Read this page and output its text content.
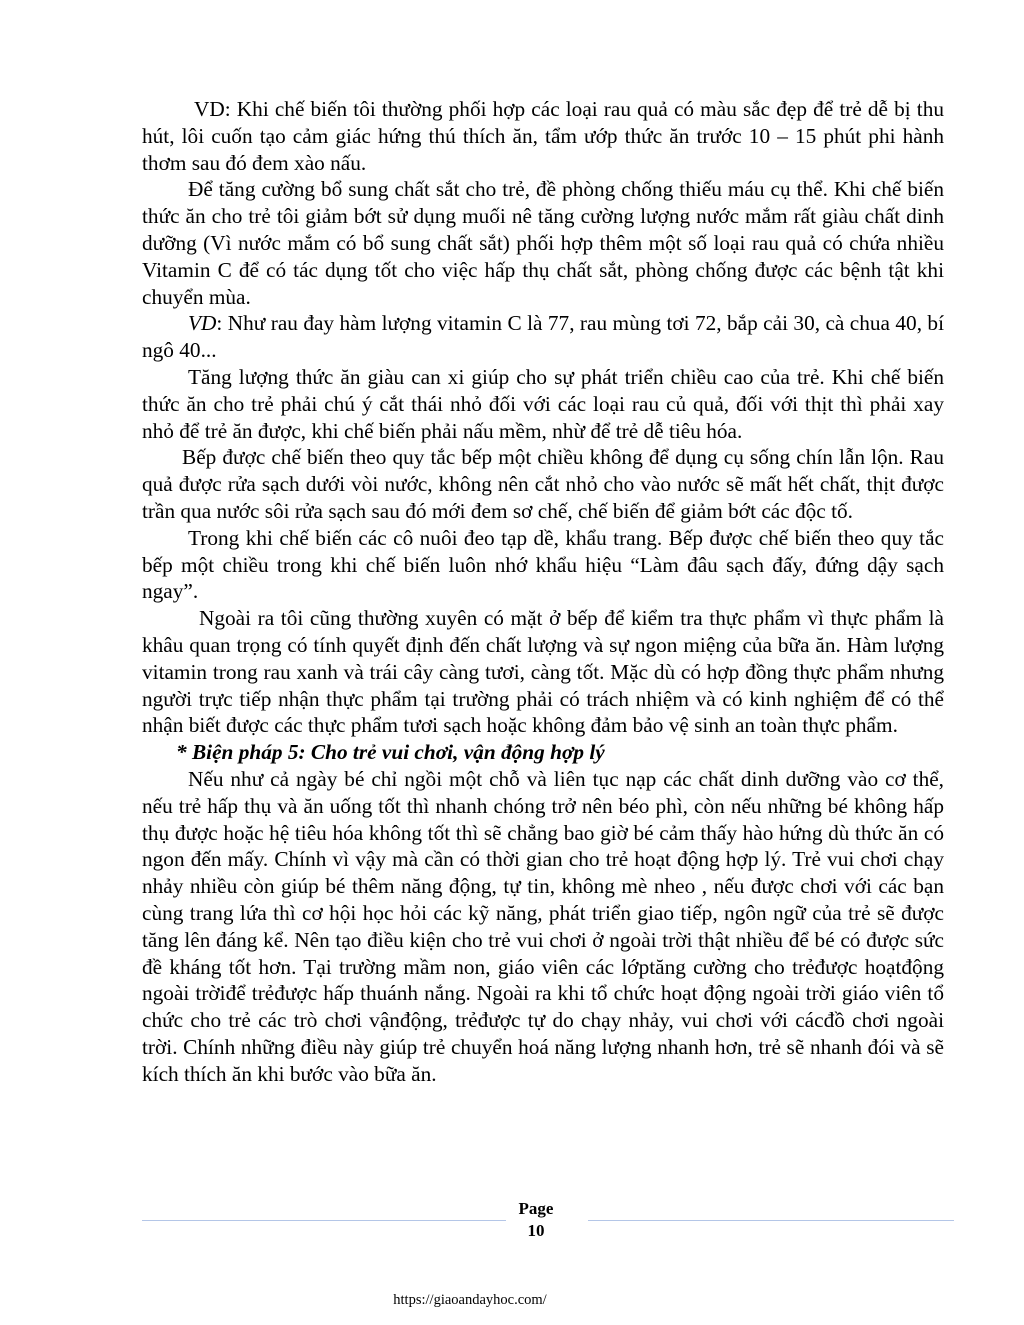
VD: Khi chế biến tôi thường phối hợp các loại rau quả có màu sắc đẹp để trẻ dễ bị thu hút, lôi cuốn tạo cảm giác hứng thú thích ăn, tẩm ướp thức ăn trước 10 – 15 phút phi hành thơm sau đó đem xào nấu.

Để tăng cường bổ sung chất sắt cho trẻ, đề phòng chống thiếu máu cụ thể. Khi chế biến thức ăn cho trẻ tôi giảm bớt sử dụng muối nê tăng cường lượng nước mắm rất giàu chất dinh dưỡng (Vì nước mắm có bổ sung chất sắt) phối hợp thêm một số loại rau quả có chứa nhiều Vitamin C để có tác dụng tốt cho việc hấp thụ chất sắt, phòng chống được các bệnh tật khi chuyển mùa.

VD: Như rau đay hàm lượng vitamin C là 77, rau mùng tơi 72, bắp cải 30, cà chua 40, bí ngô 40...

Tăng lượng thức ăn giàu can xi giúp cho sự phát triển chiều cao của trẻ. Khi chế biến thức ăn cho trẻ phải chú ý cắt thái nhỏ đối với các loại rau củ quả, đối với thịt thì phải xay nhỏ để trẻ ăn được, khi chế biến phải nấu mềm, nhừ để trẻ dễ tiêu hóa.

Bếp được chế biến theo quy tắc bếp một chiều không để dụng cụ sống chín lẫn lộn. Rau quả được rửa sạch dưới vòi nước, không nên cắt nhỏ cho vào nước sẽ mất hết chất, thịt được trần qua nước sôi rửa sạch sau đó mới đem sơ chế, chế biến để giảm bớt các độc tố.

Trong khi chế biến các cô nuôi đeo tạp dề, khẩu trang. Bếp được chế biến theo quy tắc bếp một chiều trong khi chế biến luôn nhớ khẩu hiệu “Làm đâu sạch đấy, đứng dậy sạch ngay”.

Ngoài ra tôi cũng thường xuyên có mặt ở bếp để kiểm tra thực phẩm vì thực phẩm là khâu quan trọng có tính quyết định đến chất lượng và sự ngon miệng của bữa ăn. Hàm lượng vitamin trong rau xanh và trái cây càng tươi, càng tốt. Mặc dù có hợp đồng thực phẩm nhưng người trực tiếp nhận thực phẩm tại trường phải có trách nhiệm và có kinh nghiệm để có thể nhận biết được các thực phẩm tươi sạch hoặc không đảm bảo vệ sinh an toàn thực phẩm.

* Biện pháp 5: Cho trẻ vui chơi, vận động hợp lý

Nếu như cả ngày bé chỉ ngồi một chỗ và liên tục nạp các chất dinh dưỡng vào cơ thể, nếu trẻ hấp thụ và ăn uống tốt thì nhanh chóng trở nên béo phì, còn nếu những bé không hấp thụ được hoặc hệ tiêu hóa không tốt thì sẽ chẳng bao giờ bé cảm thấy hào hứng dù thức ăn có ngon đến mấy. Chính vì vậy mà cần có thời gian cho trẻ hoạt động hợp lý. Trẻ vui chơi chạy nhảy nhiều còn giúp bé thêm năng động, tự tin, không mè nheo , nếu được chơi với các bạn cùng trang lứa thì cơ hội học hỏi các kỹ năng, phát triển giao tiếp, ngôn ngữ của trẻ sẽ được tăng lên đáng kể. Nên tạo điều kiện cho trẻ vui chơi ở ngoài trời thật nhiều để bé có được sức đề kháng tốt hơn. Tại trường mầm non, giáo viên các lớptăng cường cho trẻđược hoạtđộng ngoài trờiđể trẻđược hấp thuánh nắng. Ngoài ra khi tổ chức hoạt động ngoài trời giáo viên tổ chức cho trẻ các trò chơi vậnđộng, trẻđược tự do chạy nhảy, vui chơi với cácđồ chơi ngoài trời. Chính những điều này giúp trẻ chuyển hoá năng lượng nhanh hơn, trẻ sẽ nhanh đói và sẽ kích thích ăn khi bước vào bữa ăn.

Page
10
https://giaoandayhoc.com/
